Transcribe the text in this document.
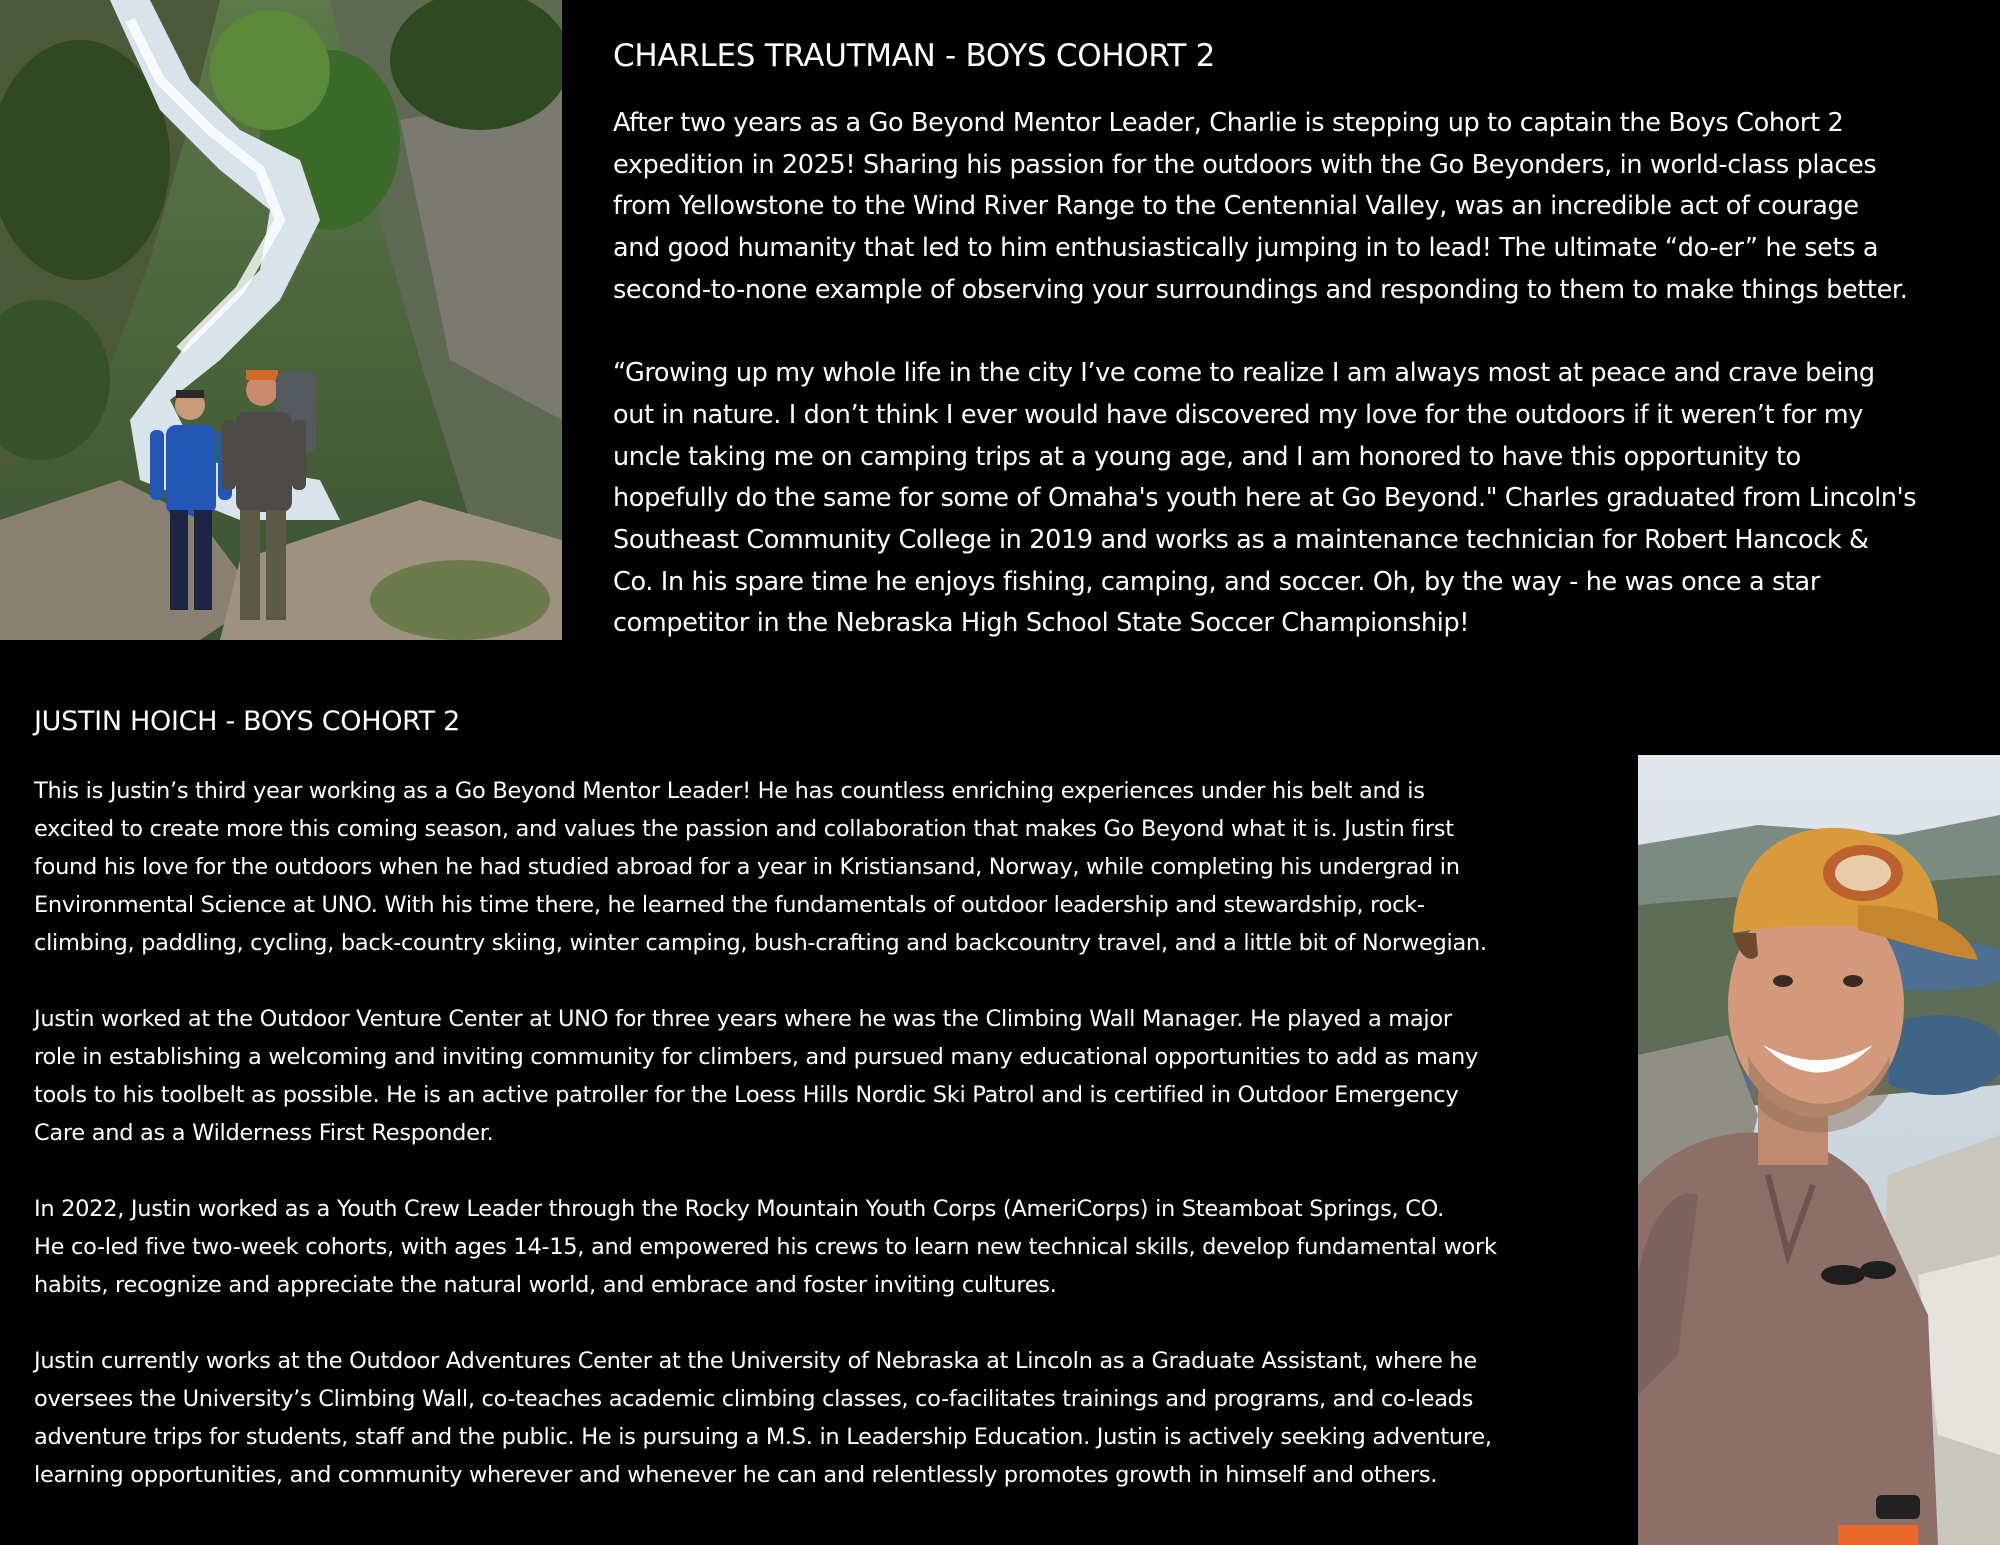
CHARLES TRAUTMAN - BOYS COHORT 2
After two years as a Go Beyond Mentor Leader, Charlie is stepping up to captain the Boys Cohort 2
expedition in 2025! Sharing his passion for the outdoors with the Go Beyonders, in world-class places
from Yellowstone to the Wind River Range to the Centennial Valley, was an incredible act of courage
and good humanity that led to him enthusiastically jumping in to lead! The ultimate “do-er” he sets a
second-to-none example of observing your surroundings and responding to them to make things better.
“Growing up my whole life in the city I’ve come to realize I am always most at peace and crave being
out in nature. I don’t think I ever would have discovered my love for the outdoors if it weren’t for my
uncle taking me on camping trips at a young age, and I am honored to have this opportunity to
hopefully do the same for some of Omaha's youth here at Go Beyond." Charles graduated from Lincoln's
Southeast Community College in 2019 and works as a maintenance technician for Robert Hancock &
Co. In his spare time he enjoys fishing, camping, and soccer. Oh, by the way - he was once a star
competitor in the Nebraska High School State Soccer Championship!
JUSTIN HOICH - BOYS COHORT 2
This is Justin’s third year working as a Go Beyond Mentor Leader! He has countless enriching experiences under his belt and is
excited to create more this coming season, and values the passion and collaboration that makes Go Beyond what it is. Justin first
found his love for the outdoors when he had studied abroad for a year in Kristiansand, Norway, while completing his undergrad in
Environmental Science at UNO. With his time there, he learned the fundamentals of outdoor leadership and stewardship, rock-
climbing, paddling, cycling, back-country skiing, winter camping, bush-crafting and backcountry travel, and a little bit of Norwegian.
Justin worked at the Outdoor Venture Center at UNO for three years where he was the Climbing Wall Manager. He played a major
role in establishing a welcoming and inviting community for climbers, and pursued many educational opportunities to add as many
tools to his toolbelt as possible. He is an active patroller for the Loess Hills Nordic Ski Patrol and is certified in Outdoor Emergency
Care and as a Wilderness First Responder.
In 2022, Justin worked as a Youth Crew Leader through the Rocky Mountain Youth Corps (AmeriCorps) in Steamboat Springs, CO.
He co-led five two-week cohorts, with ages 14-15, and empowered his crews to learn new technical skills, develop fundamental work
habits, recognize and appreciate the natural world, and embrace and foster inviting cultures.
Justin currently works at the Outdoor Adventures Center at the University of Nebraska at Lincoln as a Graduate Assistant, where he
oversees the University’s Climbing Wall, co-teaches academic climbing classes, co-facilitates trainings and programs, and co-leads
adventure trips for students, staff and the public. He is pursuing a M.S. in Leadership Education. Justin is actively seeking adventure,
learning opportunities, and community wherever and whenever he can and relentlessly promotes growth in himself and others.
